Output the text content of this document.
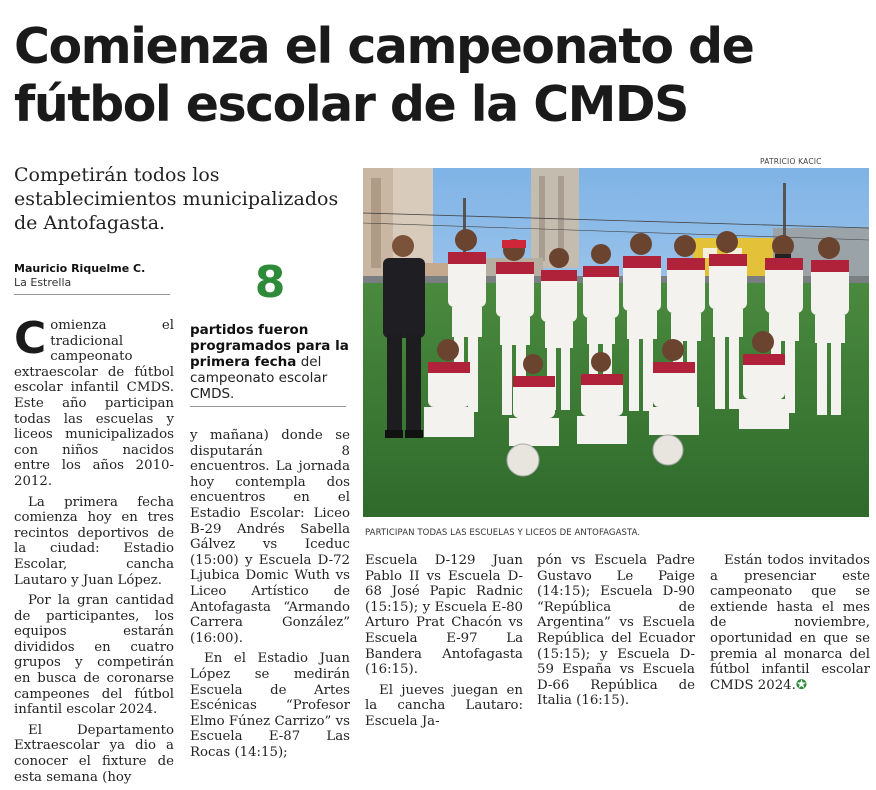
Comienza el campeonato de fútbol escolar de la CMDS

Competirán todos los establecimientos municipalizados de Antofagasta.

Mauricio Riquelme C.
La Estrella	8
partidos fueron programados para la primera fecha del campeonato escolar CMDS.

Comienza el tradicional campeonato extraescolar de fútbol escolar infantil CMDS. Este año participan todas las escuelas y liceos municipalizados con niños nacidos entre los años 2010-2012.

La primera fecha comienza hoy en tres recintos deportivos de la ciudad: Estadio Escolar, cancha Lautaro y Juan López.

Por la gran cantidad de participantes, los equipos estarán divididos en cuatro grupos y competirán en busca de coronarse campeones del fútbol infantil escolar 2024.

El Departamento Extraescolar ya dio a conocer el fixture de esta semana (hoy

y mañana) donde se disputarán 8 encuentros. La jornada hoy contempla dos encuentros en el Estadio Escolar: Liceo B-29 Andrés Sabella Gálvez vs Iceduc (15:00) y Escuela D-72 Ljubica Domic Wuth vs Liceo Artístico de Antofagasta “Armando Carrera González” (16:00).

En el Estadio Juan López se medirán Escuela de Artes Escénicas “Profesor Elmo Fúnez Carrizo” vs Escuela E-87 Las Rocas (14:15);

PATRICIO KACIC
PARTICIPAN TODAS LAS ESCUELAS Y LICEOS DE ANTOFAGASTA.

Escuela D-129 Juan Pablo II vs Escuela D-68 José Papic Radnic (15:15); y Escuela E-80 Arturo Prat Chacón vs Escuela E-97 La Bandera Antofagasta (16:15).

El jueves juegan en la cancha Lautaro: Escuela Ja-

pón vs Escuela Padre Gustavo Le Paige (14:15); Escuela D-90 “República de Argentina” vs Escuela República del Ecuador (15:15); y Escuela D-59 España vs Escuela D-66 República de Italia (16:15).

Están todos invitados a presenciar este campeonato que se extiende hasta el mes de noviembre, oportunidad en que se premia al monarca del fútbol infantil escolar CMDS 2024.✪
